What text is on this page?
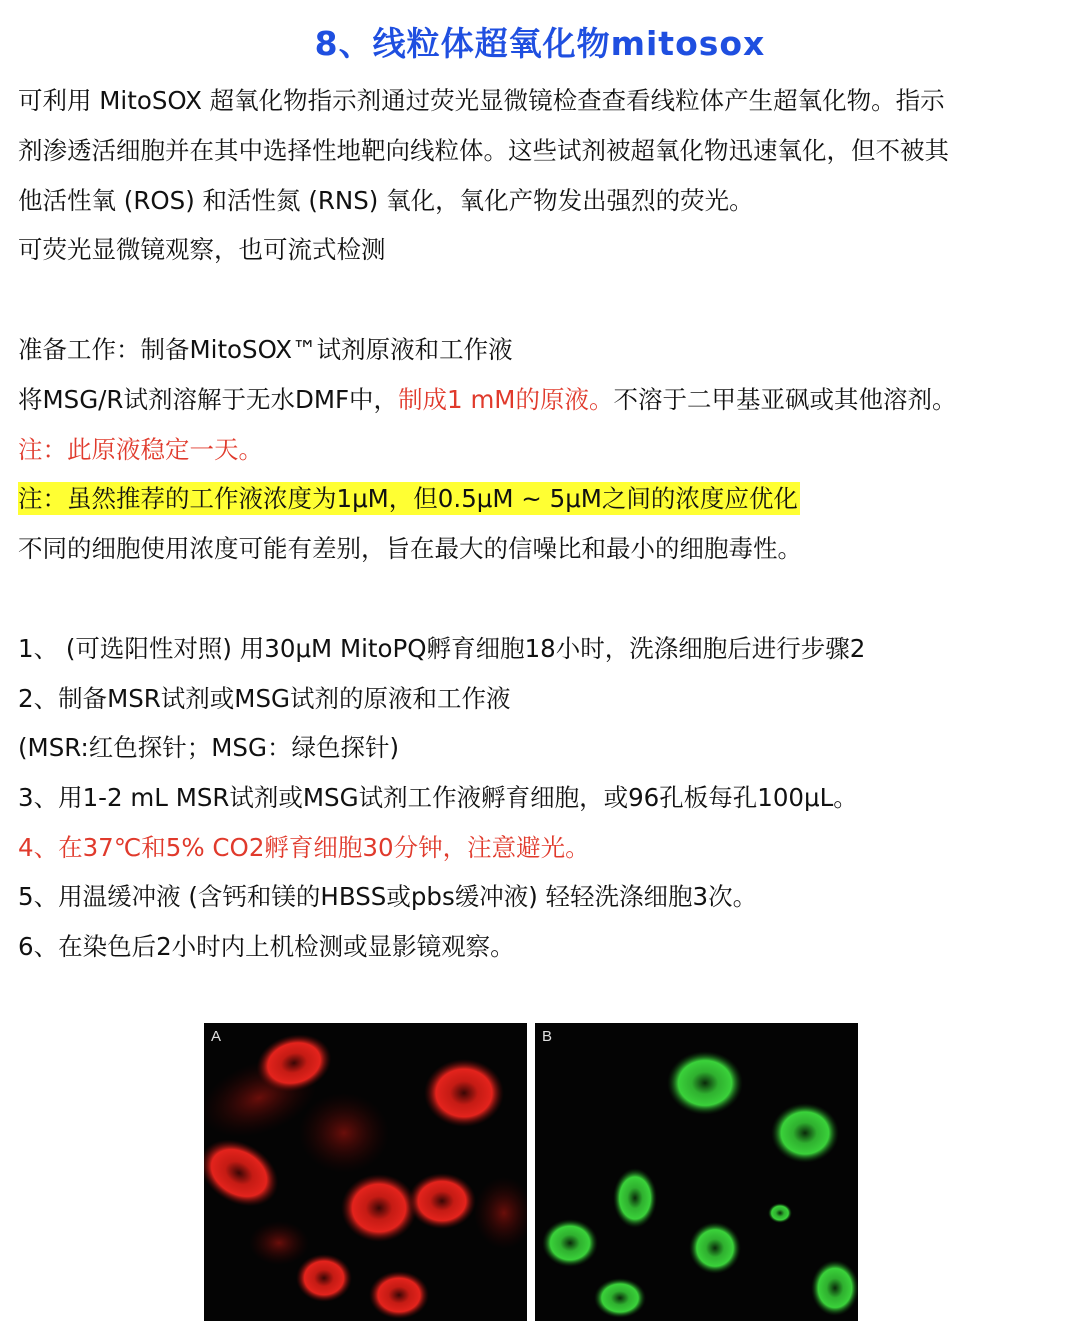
8、线粒体超氧化物mitosox
可利用 MitoSOX 超氧化物指示剂通过荧光显微镜检查查看线粒体产生超氧化物。指示
剂渗透活细胞并在其中选择性地靶向线粒体。这些试剂被超氧化物迅速氧化，但不被其
他活性氧 (ROS) 和活性氮 (RNS) 氧化，氧化产物发出强烈的荧光。
可荧光显微镜观察，也可流式检测
准备工作：制备MitoSOX™试剂原液和工作液
将MSG/R试剂溶解于无水DMF中，制成1 mM的原液。不溶于二甲基亚砜或其他溶剂。
注：此原液稳定一天。
注：虽然推荐的工作液浓度为1μM，但0.5μM ~ 5μM之间的浓度应优化
不同的细胞使用浓度可能有差别，旨在最大的信噪比和最小的细胞毒性。
1、 (可选阳性对照) 用30μM MitoPQ孵育细胞18小时，洗涤细胞后进行步骤2
2、制备MSR试剂或MSG试剂的原液和工作液
(MSR:红色探针；MSG：绿色探针)
3、用1-2 mL MSR试剂或MSG试剂工作液孵育细胞，或96孔板每孔100μL。
4、在37℃和5% CO2孵育细胞30分钟，注意避光。
5、用温缓冲液 (含钙和镁的HBSS或pbs缓冲液) 轻轻洗涤细胞3次。
6、在染色后2小时内上机检测或显影镜观察。
A	B
